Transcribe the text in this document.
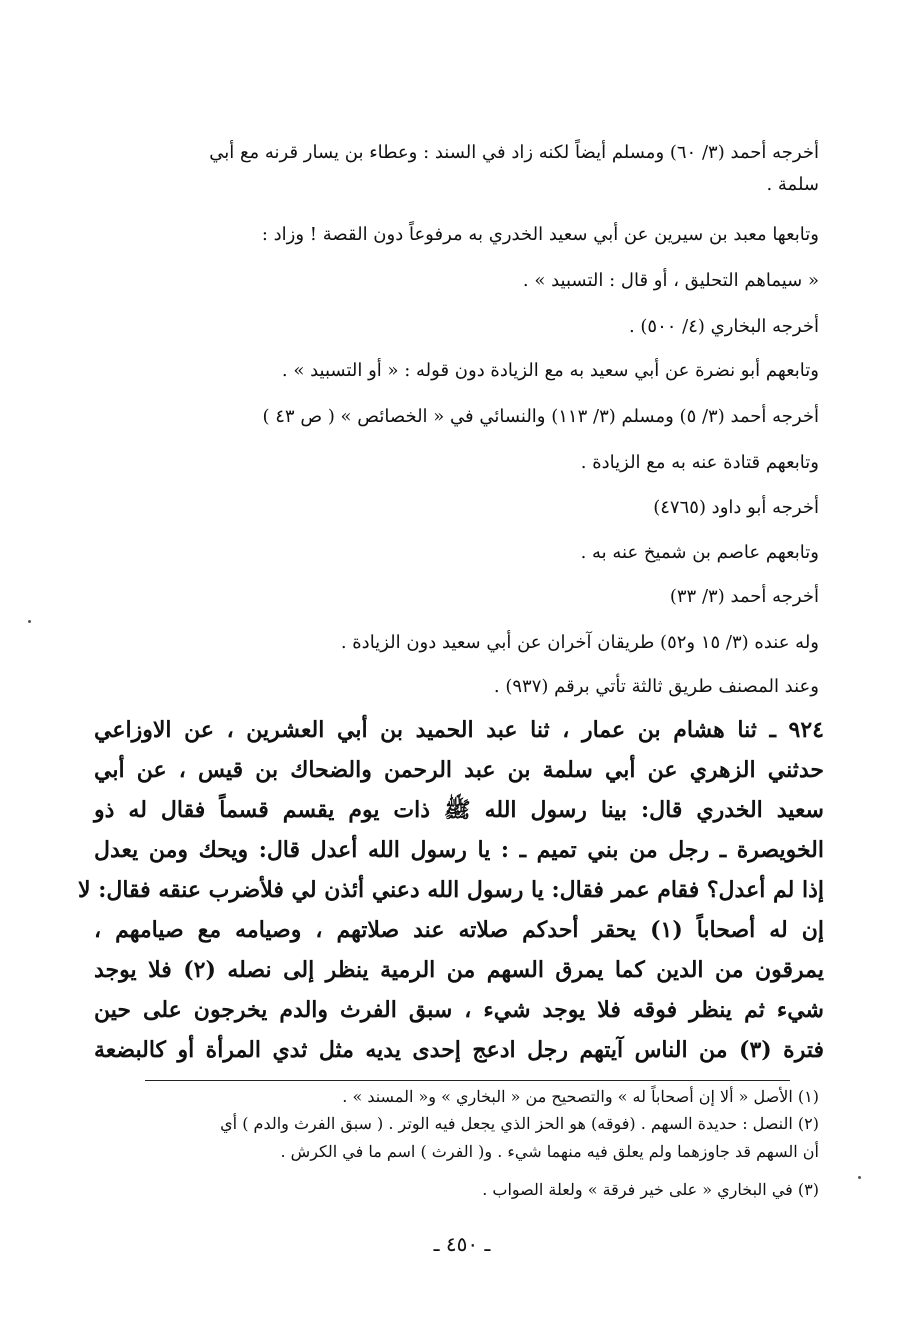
أخرجه أحمد (٣/ ٦٠) ومسلم أيضاً لكنه زاد في السند : وعطاء بن يسار قرنه مع أبي
سلمة .
وتابعها معبد بن سيرين عن أبي سعيد الخدري به مرفوعاً دون القصة ! وزاد :
« سيماهم التحليق ، أو قال : التسبيد » .
أخرجه البخاري (٤/ ٥٠٠) .
وتابعهم أبو نضرة عن أبي سعيد به مع الزيادة دون قوله : « أو التسبيد » .
أخرجه أحمد (٣/ ٥) ومسلم (٣/ ١١٣) والنسائي في « الخصائص » ( ص ٤٣ )
وتابعهم قتادة عنه به مع الزيادة .
أخرجه أبو داود (٤٧٦٥)
وتابعهم عاصم بن شميخ عنه به .
أخرجه أحمد (٣/ ٣٣)
وله عنده (٣/ ١٥ و٥٢) طريقان آخران عن أبي سعيد دون الزيادة .
وعند المصنف طريق ثالثة تأتي برقم (٩٣٧) .
٩٢٤ ـ ثنا هشام بن عمار ، ثنا عبد الحميد بن أبي العشرين ، عن الاوزاعي
حدثني الزهري عن أبي سلمة بن عبد الرحمن والضحاك بن قيس ، عن أبي
سعيد الخدري قال: بينا رسول الله ﷺ ذات يوم يقسم قسماً فقال له ذو
الخويصرة ـ رجل من بني تميم ـ : يا رسول الله أعدل قال: ويحك ومن يعدل
إذا لم أعدل؟ فقام عمر فقال: يا رسول الله دعني أئذن لي فلأضرب عنقه فقال: لا
إن له أصحاباً (١) يحقر أحدكم صلاته عند صلاتهم ، وصيامه مع صيامهم ،
يمرقون من الدين كما يمرق السهم من الرمية ينظر إلى نصله (٢) فلا يوجد
شيء ثم ينظر فوقه فلا يوجد شيء ، سبق الفرث والدم يخرجون على حين
فترة (٣) من الناس آيتهم رجل ادعج إحدى يديه مثل ثدي المرأة أو كالبضعة
(١) الأصل « ألا إن أصحاباً له » والتصحيح من « البخاري » و« المسند » .
(٢) النصل : حديدة السهم . (فوقه) هو الحز الذي يجعل فيه الوتر . ( سبق الفرث والدم ) أي
أن السهم قد جاوزهما ولم يعلق فيه منهما شيء . و( الفرث ) اسم ما في الكرش .
(٣) في البخاري « على خير فرقة » ولعلة الصواب .
ـ ٤٥٠ ـ
